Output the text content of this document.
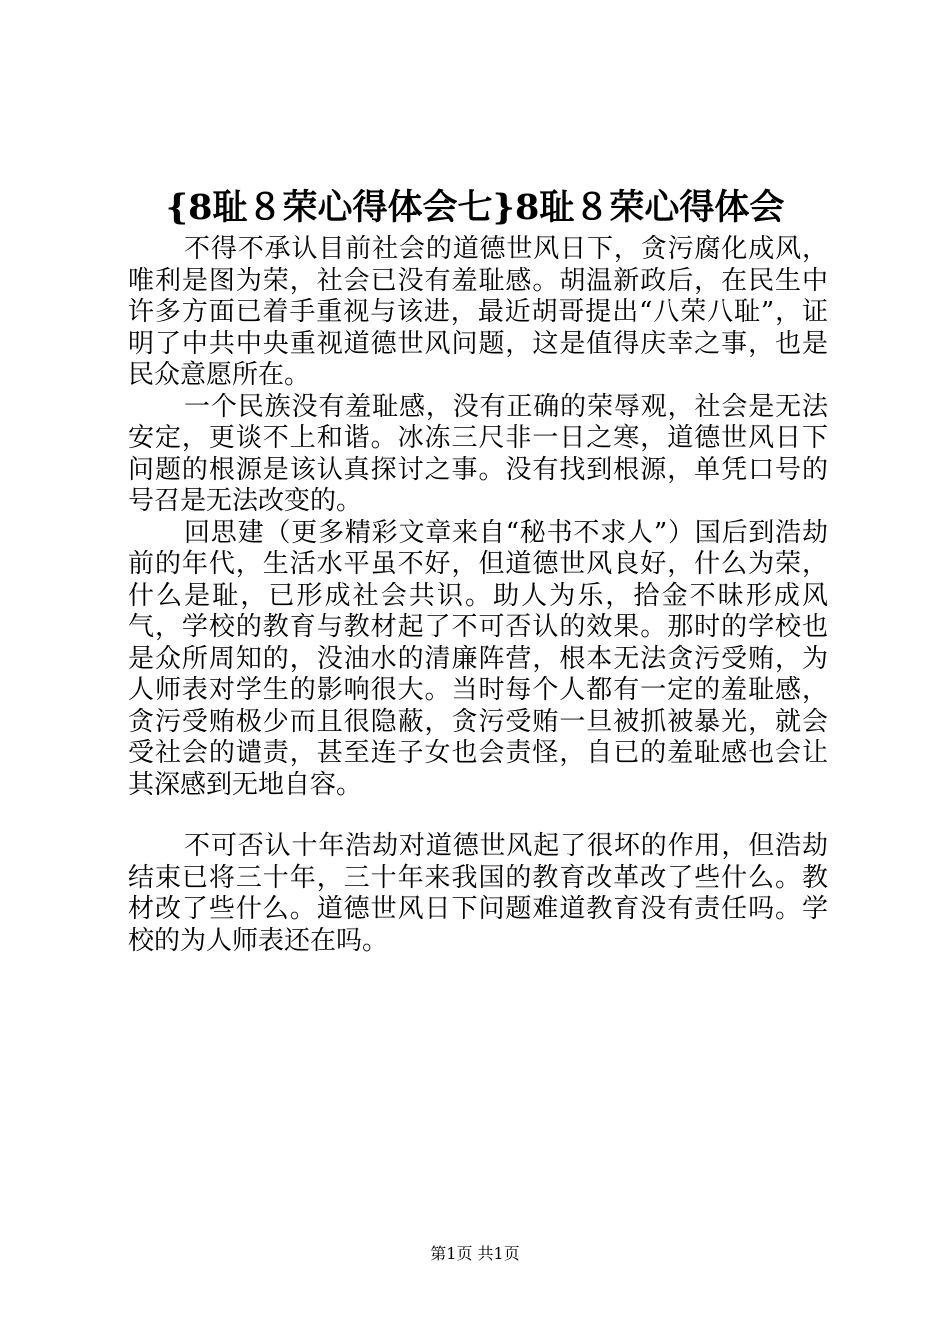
{8耻８荣心得体会七}8耻８荣心得体会

不得不承认目前社会的道德世风日下，贪污腐化成风，唯利是图为荣，社会已没有羞耻感。胡温新政后，在民生中许多方面已着手重视与该进，最近胡哥提出“八荣八耻”，证明了中共中央重视道德世风问题，这是值得庆幸之事，也是民众意愿所在。

一个民族没有羞耻感，没有正确的荣辱观，社会是无法安定，更谈不上和谐。冰冻三尺非一日之寒，道德世风日下问题的根源是该认真探讨之事。没有找到根源，单凭口号的号召是无法改变的。

回思建（更多精彩文章来自“秘书不求人”）国后到浩劫前的年代，生活水平虽不好，但道德世风良好，什么为荣，什么是耻，已形成社会共识。助人为乐，拾金不昧形成风气，学校的教育与教材起了不可否认的效果。那时的学校也是众所周知的，没油水的清廉阵营，根本无法贪污受贿，为人师表对学生的影响很大。当时每个人都有一定的羞耻感，贪污受贿极少而且很隐蔽，贪污受贿一旦被抓被暴光，就会受社会的谴责，甚至连子女也会责怪，自已的羞耻感也会让其深感到无地自容。

不可否认十年浩劫对道德世风起了很坏的作用，但浩劫结束已将三十年，三十年来我国的教育改革改了些什么。教材改了些什么。道德世风日下问题难道教育没有责任吗。学校的为人师表还在吗。

第1页 共1页
